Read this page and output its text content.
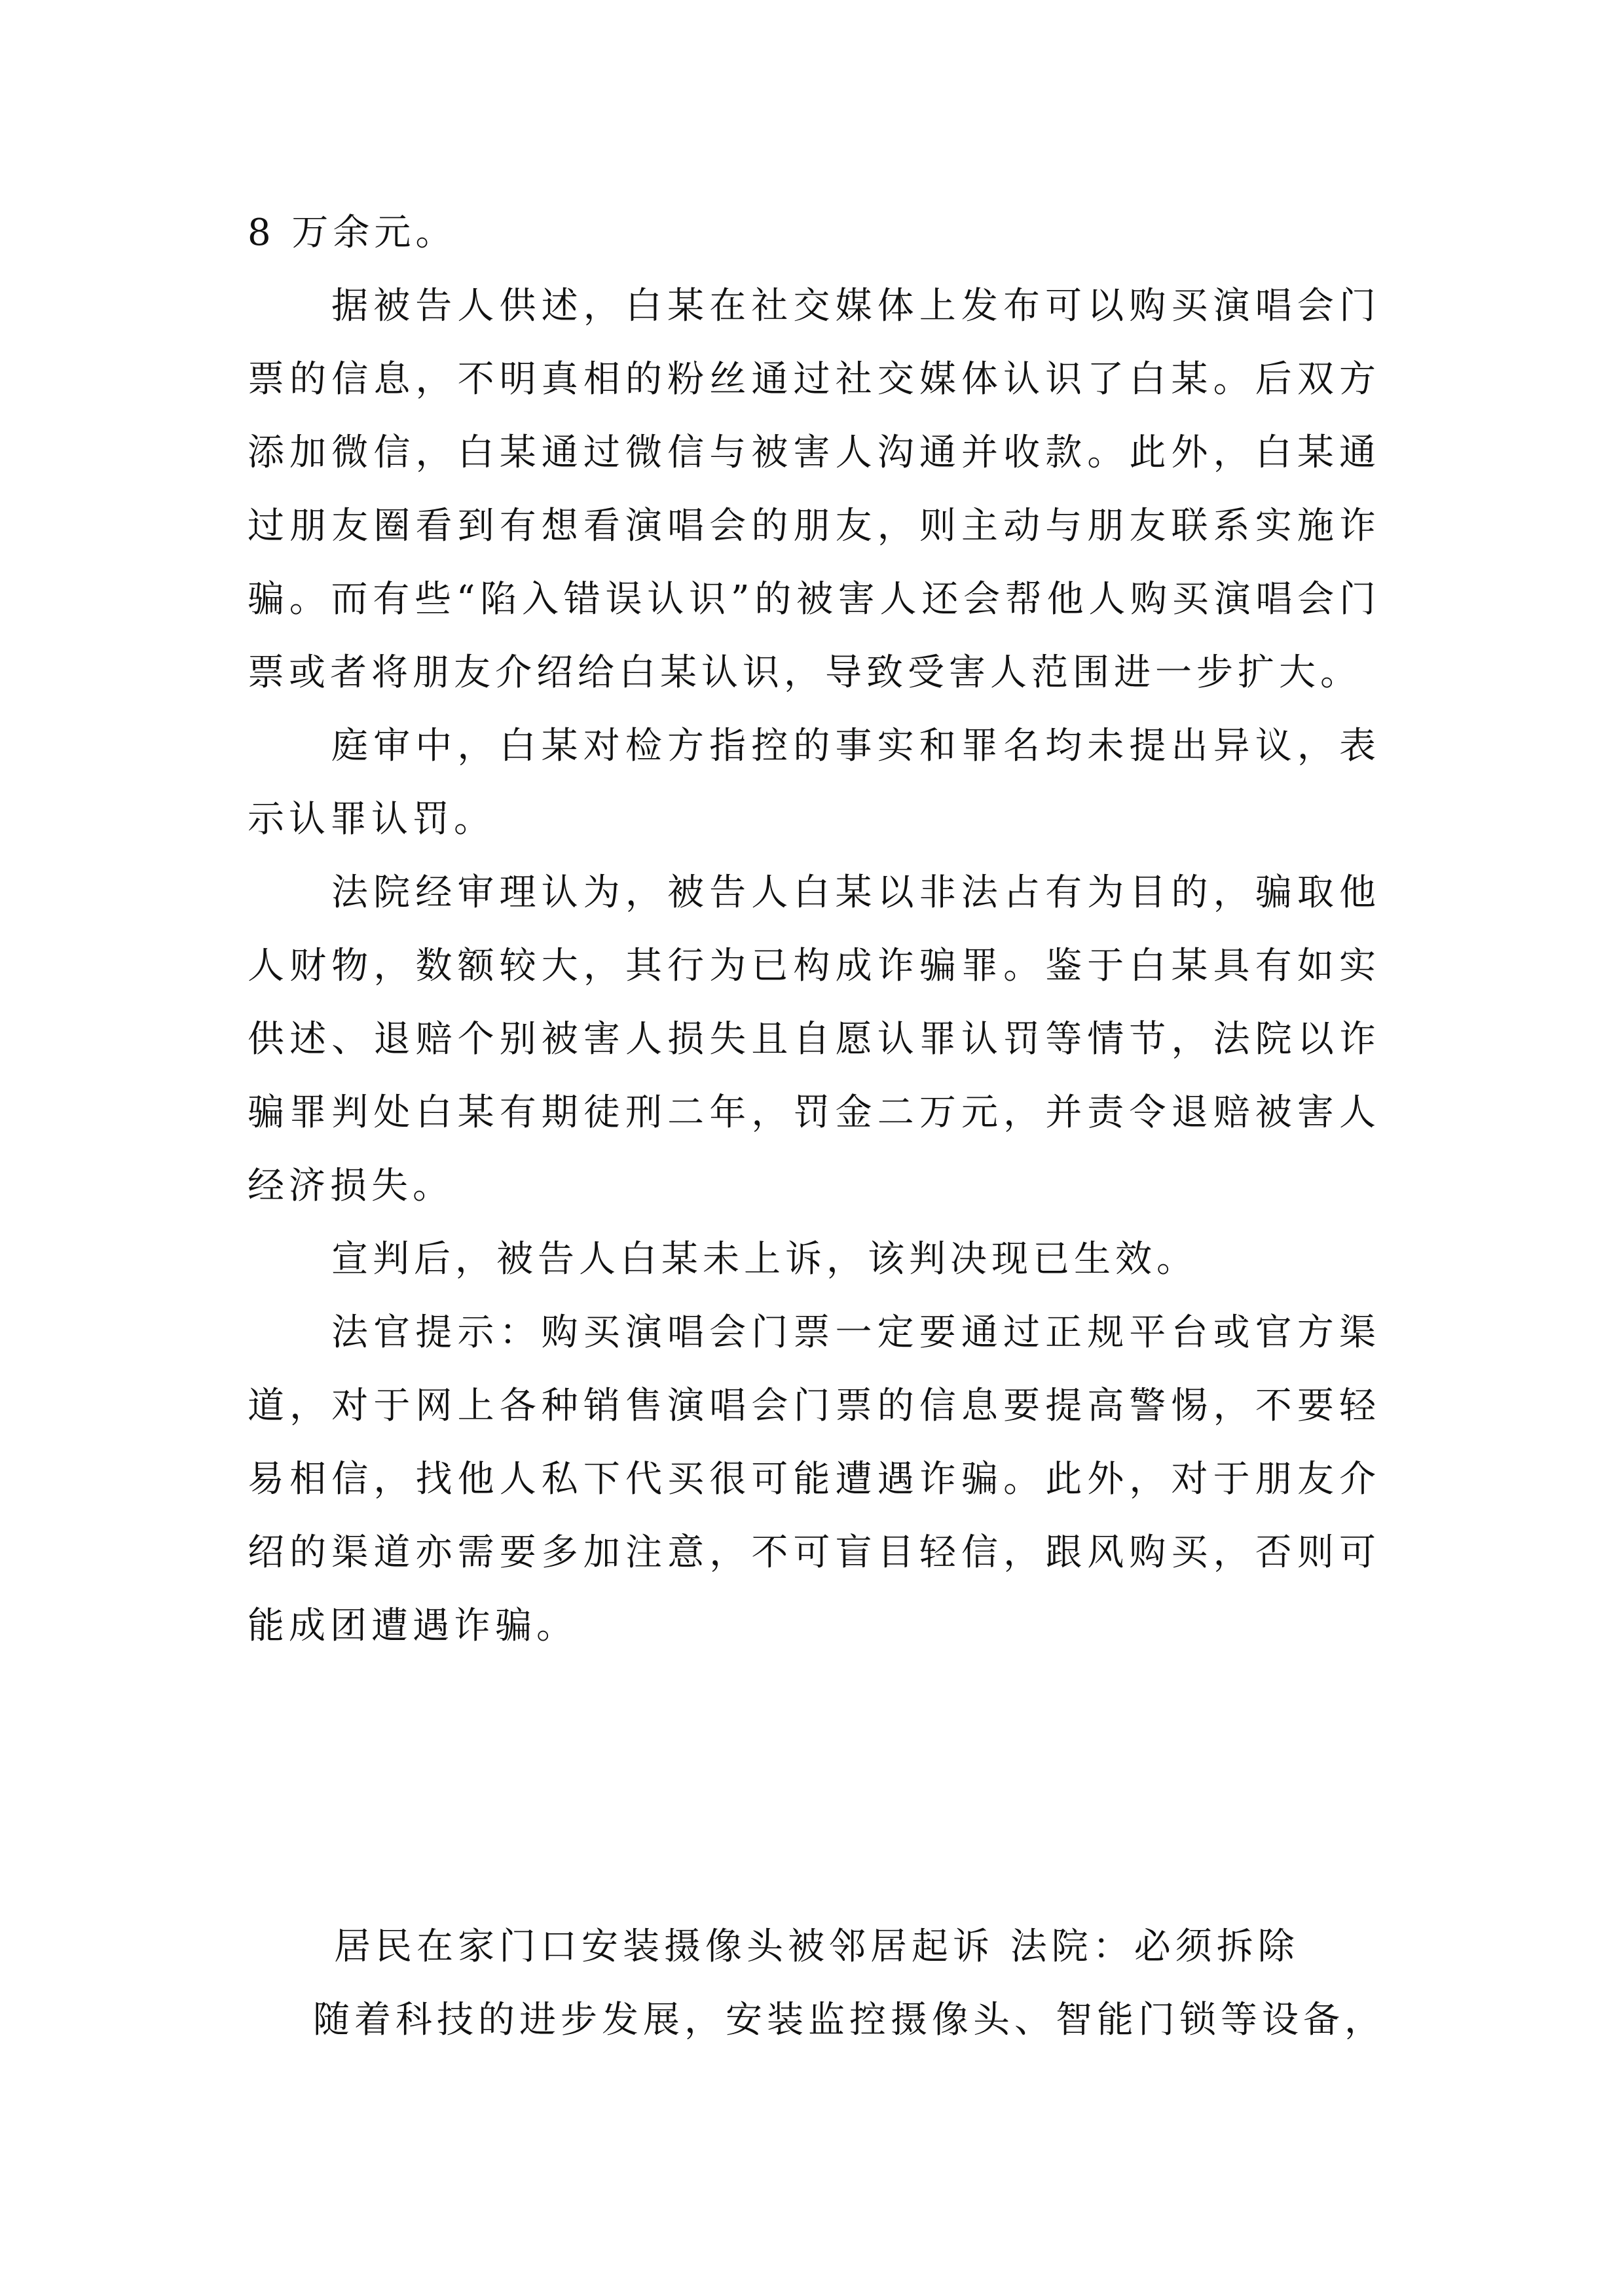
8 万余元。

据被告人供述，白某在社交媒体上发布可以购买演唱会门票的信息，不明真相的粉丝通过社交媒体认识了白某。后双方添加微信，白某通过微信与被害人沟通并收款。此外，白某通过朋友圈看到有想看演唱会的朋友，则主动与朋友联系实施诈骗。而有些“陷入错误认识”的被害人还会帮他人购买演唱会门票或者将朋友介绍给白某认识，导致受害人范围进一步扩大。

庭审中，白某对检方指控的事实和罪名均未提出异议，表示认罪认罚。

法院经审理认为，被告人白某以非法占有为目的，骗取他人财物，数额较大，其行为已构成诈骗罪。鉴于白某具有如实供述、退赔个别被害人损失且自愿认罪认罚等情节，法院以诈骗罪判处白某有期徒刑二年，罚金二万元，并责令退赔被害人经济损失。

宣判后，被告人白某未上诉，该判决现已生效。

法官提示：购买演唱会门票一定要通过正规平台或官方渠道，对于网上各种销售演唱会门票的信息要提高警惕，不要轻易相信，找他人私下代买很可能遭遇诈骗。此外，对于朋友介绍的渠道亦需要多加注意，不可盲目轻信，跟风购买，否则可能成团遭遇诈骗。

居民在家门口安装摄像头被邻居起诉 法院：必须拆除

随着科技的进步发展，安装监控摄像头、智能门锁等设备，
